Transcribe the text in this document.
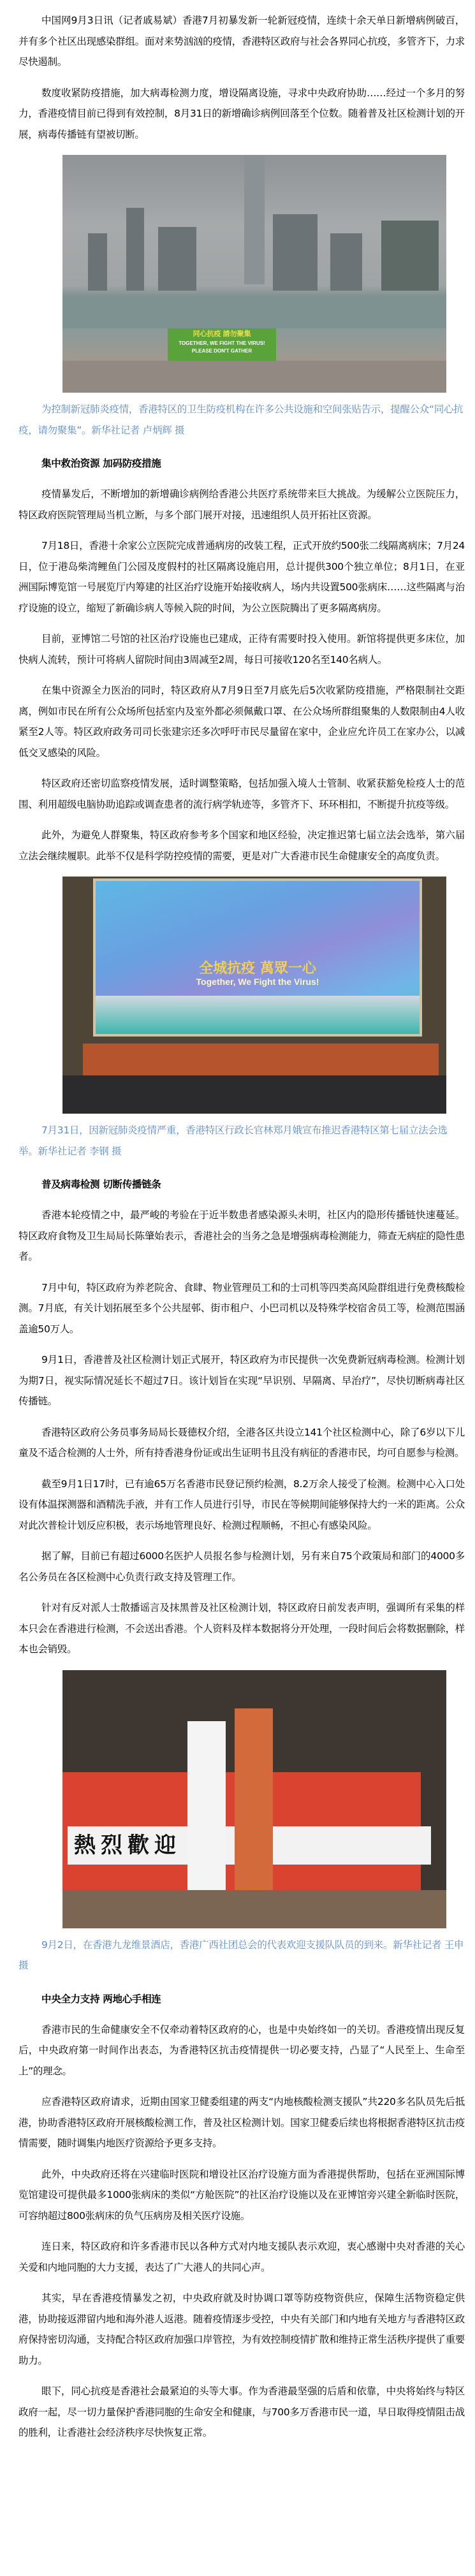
中国网9月3日讯（记者戚易斌）香港7月初暴发新一轮新冠疫情，连续十余天单日新增病例破百，并有多个社区出现感染群组。面对来势汹汹的疫情，香港特区政府与社会各界同心抗疫，多管齐下，力求尽快遏制。

数度收紧防疫措施，加大病毒检测力度，增设隔离设施，寻求中央政府协助……经过一个多月的努力，香港疫情目前已得到有效控制，8月31日的新增确诊病例回落至个位数。随着普及社区检测计划的开展，病毒传播链有望被切断。

同心抗疫 請勿聚集
TOGETHER, WE FIGHT THE VIRUS!
PLEASE DON'T GATHER

为控制新冠肺炎疫情，香港特区的卫生防疫机构在许多公共设施和空间张贴告示，提醒公众“同心抗疫，请勿聚集”。新华社记者 卢炳辉 摄

集中救治资源 加码防疫措施

疫情暴发后，不断增加的新增确诊病例给香港公共医疗系统带来巨大挑战。为缓解公立医院压力，特区政府医院管理局当机立断，与多个部门展开对接，迅速组织人员开拓社区资源。

7月18日，香港十余家公立医院完成普通病房的改装工程，正式开放约500张二线隔离病床；7月24日，位于港岛柴湾鲤鱼门公园及度假村的社区隔离设施启用，总计提供300个独立单位；8月1日，在亚洲国际博览馆一号展览厅内筹建的社区治疗设施开始接收病人，场内共设置500张病床……这些隔离与治疗设施的设立，缩短了新确诊病人等候入院的时间，为公立医院腾出了更多隔离病房。

目前，亚博馆二号馆的社区治疗设施也已建成，正待有需要时投入使用。新馆将提供更多床位，加快病人流转，预计可将病人留院时间由3周减至2周，每日可接收120名至140名病人。

在集中资源全力医治的同时，特区政府从7月9日至7月底先后5次收紧防疫措施，严格限制社交距离，例如市民在所有公众场所包括室内及室外都必须佩戴口罩、在公众场所群组聚集的人数限制由4人收紧至2人等。特区政府政务司司长张建宗还多次呼吁市民尽量留在家中，企业应允许员工在家办公，以减低交叉感染的风险。

特区政府还密切监察疫情发展，适时调整策略，包括加强入境人士管制、收紧获豁免检疫人士的范围、利用超级电脑协助追踪或调查患者的流行病学轨迹等，多管齐下、环环相扣，不断提升抗疫等级。

此外，为避免人群聚集，特区政府参考多个国家和地区经验，决定推迟第七届立法会选举，第六届立法会继续履职。此举不仅是科学防控疫情的需要，更是对广大香港市民生命健康安全的高度负责。

全城抗疫 萬眾一心
Together, We Fight the Virus!

7月31日，因新冠肺炎疫情严重，香港特区行政长官林郑月娥宣布推迟香港特区第七届立法会选举。新华社记者 李钢 摄

普及病毒检测 切断传播链条

香港本轮疫情之中，最严峻的考验在于近半数患者感染源头未明，社区内的隐形传播链快速蔓延。特区政府食物及卫生局局长陈肇始表示，香港社会的当务之急是增强病毒检测能力，筛查无病症的隐性患者。

7月中旬，特区政府为养老院舍、食肆、物业管理员工和的士司机等四类高风险群组进行免费核酸检测。7月底，有关计划拓展至多个公共屋邨、街市租户、小巴司机以及特殊学校宿舍员工等，检测范围涵盖逾50万人。

9月1日，香港普及社区检测计划正式展开，特区政府为市民提供一次免费新冠病毒检测。检测计划为期7日，视实际情况延长不超过7日。该计划旨在实现“早识别、早隔离、早治疗”，尽快切断病毒社区传播链。

香港特区政府公务员事务局局长聂德权介绍，全港各区共设立141个社区检测中心，除了6岁以下儿童及不适合检测的人士外，所有持香港身份证或出生证明书且没有病征的香港市民，均可自愿参与检测。

截至9月1日17时，已有逾65万名香港市民登记预约检测，8.2万余人接受了检测。检测中心入口处设有体温探测器和酒精洗手液，并有工作人员进行引导，市民在等候期间能够保持大约一米的距离。公众对此次普检计划反应积极，表示场地管理良好、检测过程顺畅，不担心有感染风险。

据了解，目前已有超过6000名医护人员报名参与检测计划，另有来自75个政策局和部门的4000多名公务员在各区检测中心负责行政支持及管理工作。

针对有反对派人士散播谣言及抹黑普及社区检测计划，特区政府日前发表声明，强调所有采集的样本只会在香港进行检测，不会送出香港。个人资料及样本数据将分开处理，一段时间后会将数据删除，样本也会销毁。

熱烈歡迎

9月2日，在香港九龙维景酒店，香港广西社团总会的代表欢迎支援队队员的到来。新华社记者 王申 摄

中央全力支持 两地心手相连

香港市民的生命健康安全不仅牵动着特区政府的心，也是中央始终如一的关切。香港疫情出现反复后，中央政府第一时间作出表态，为香港特区抗击疫情提供一切必要支持，凸显了“人民至上、生命至上”的理念。

应香港特区政府请求，近期由国家卫健委组建的两支“内地核酸检测支援队”共220多名队员先后抵港，协助香港特区政府开展核酸检测工作，普及社区检测计划。国家卫健委后续也将根据香港特区抗击疫情需要，随时调集内地医疗资源给予更多支持。

此外，中央政府还将在兴建临时医院和增设社区治疗设施方面为香港提供帮助，包括在亚洲国际博览馆建设可提供最多1000张病床的类似“方舱医院”的社区治疗设施以及在亚博馆旁兴建全新临时医院，可容纳超过800张病床的负气压病房及相关医疗设施。

连日来，特区政府和许多香港市民以各种方式对内地支援队表示欢迎，衷心感谢中央对香港的关心关爱和内地同胞的大力支援，表达了广大港人的共同心声。

其实，早在香港疫情暴发之初，中央政府就及时协调口罩等防疫物资供应，保障生活物资稳定供港，协助接返滞留内地和海外港人返港。随着疫情逐步受控，中央有关部门和内地有关地方与香港特区政府保持密切沟通，支持配合特区政府加强口岸管控，为有效控制疫情扩散和维持正常生活秩序提供了重要助力。

眼下，同心抗疫是香港社会最紧迫的头等大事。作为香港最坚强的后盾和依靠，中央将始终与特区政府一起，尽一切力量保护香港同胞的生命安全和健康，与700多万香港市民一道，早日取得疫情阻击战的胜利，让香港社会经济秩序尽快恢复正常。
